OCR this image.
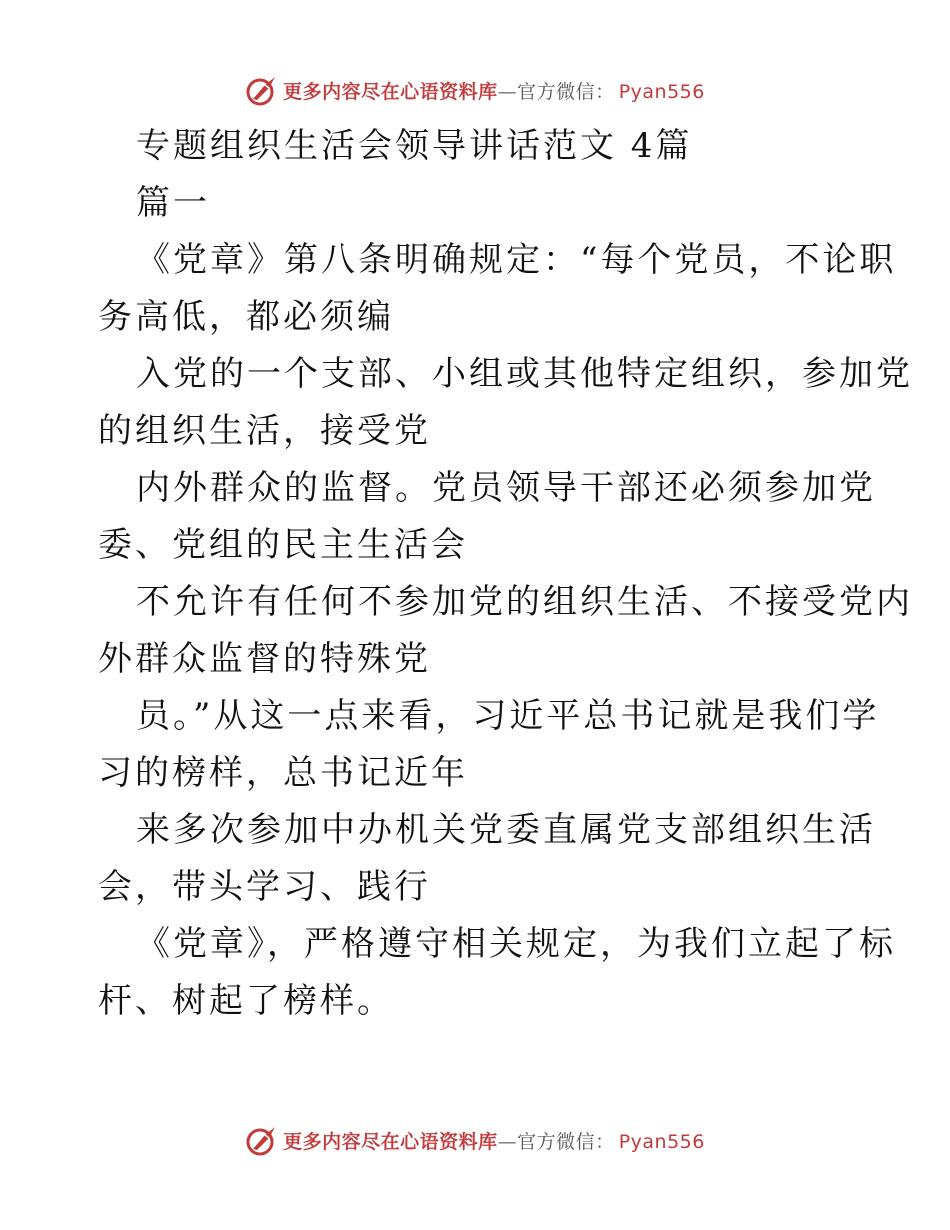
更多内容尽在心语资料库—官方微信： Pyan556

专题组织生活会领导讲话范文 4篇

篇一

《党章》第八条明确规定：“每个党员，不论职

务高低，都必须编

入党的一个支部、小组或其他特定组织，参加党

的组织生活，接受党

内外群众的监督。党员领导干部还必须参加党

委、党组的民主生活会

不允许有任何不参加党的组织生活、不接受党内

外群众监督的特殊党

员。”从这一点来看，习近平总书记就是我们学

习的榜样，总书记近年

来多次参加中办机关党委直属党支部组织生活

会，带头学习、践行

《党章》，严格遵守相关规定，为我们立起了标

杆、树起了榜样。

更多内容尽在心语资料库—官方微信： Pyan556
